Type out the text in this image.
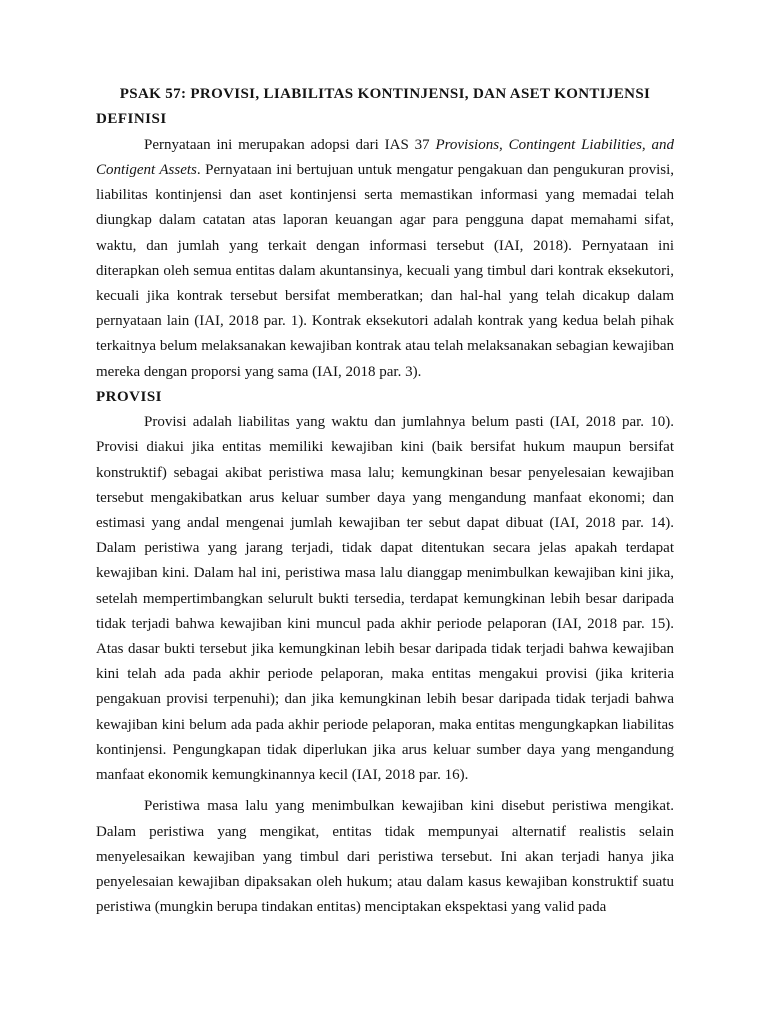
PSAK 57: PROVISI, LIABILITAS KONTINJENSI, DAN ASET KONTIJENSI
DEFINISI

Pernyataan ini merupakan adopsi dari IAS 37 Provisions, Contingent Liabilities, and Contigent Assets. Pernyataan ini bertujuan untuk mengatur pengakuan dan pengukuran provisi, liabilitas kontinjensi dan aset kontinjensi serta memastikan informasi yang memadai telah diungkap dalam catatan atas laporan keuangan agar para pengguna dapat memahami sifat, waktu, dan jumlah yang terkait dengan informasi tersebut (IAI, 2018). Pernyataan ini diterapkan oleh semua entitas dalam akuntansinya, kecuali yang timbul dari kontrak eksekutori, kecuali jika kontrak tersebut bersifat memberatkan; dan hal-hal yang telah dicakup dalam pernyataan lain (IAI, 2018 par. 1). Kontrak eksekutori adalah kontrak yang kedua belah pihak terkaitnya belum melaksanakan kewajiban kontrak atau telah melaksanakan sebagian kewajiban mereka dengan proporsi yang sama (IAI, 2018 par. 3).

PROVISI

Provisi adalah liabilitas yang waktu dan jumlahnya belum pasti (IAI, 2018 par. 10). Provisi diakui jika entitas memiliki kewajiban kini (baik bersifat hukum maupun bersifat konstruktif) sebagai akibat peristiwa masa lalu; kemungkinan besar penyelesaian kewajiban tersebut mengakibatkan arus keluar sumber daya yang mengandung manfaat ekonomi; dan estimasi yang andal mengenai jumlah kewajiban ter sebut dapat dibuat (IAI, 2018 par. 14). Dalam peristiwa yang jarang terjadi, tidak dapat ditentukan secara jelas apakah terdapat kewajiban kini. Dalam hal ini, peristiwa masa lalu dianggap menimbulkan kewajiban kini jika, setelah mempertimbangkan selurult bukti tersedia, terdapat kemungkinan lebih besar daripada tidak terjadi bahwa kewajiban kini muncul pada akhir periode pelaporan (IAI, 2018 par. 15). Atas dasar bukti tersebut jika kemungkinan lebih besar daripada tidak terjadi bahwa kewajiban kini telah ada pada akhir periode pelaporan, maka entitas mengakui provisi (jika kriteria pengakuan provisi terpenuhi); dan jika kemungkinan lebih besar daripada tidak terjadi bahwa kewajiban kini belum ada pada akhir periode pelaporan, maka entitas mengungkapkan liabilitas kontinjensi. Pengungkapan tidak diperlukan jika arus keluar sumber daya yang mengandung manfaat ekonomik kemungkinannya kecil (IAI, 2018 par. 16).

Peristiwa masa lalu yang menimbulkan kewajiban kini disebut peristiwa mengikat. Dalam peristiwa yang mengikat, entitas tidak mempunyai alternatif realistis selain menyelesaikan kewajiban yang timbul dari peristiwa tersebut. Ini akan terjadi hanya jika penyelesaian kewajiban dipaksakan oleh hukum; atau dalam kasus kewajiban konstruktif suatu peristiwa (mungkin berupa tindakan entitas) menciptakan ekspektasi yang valid pada
